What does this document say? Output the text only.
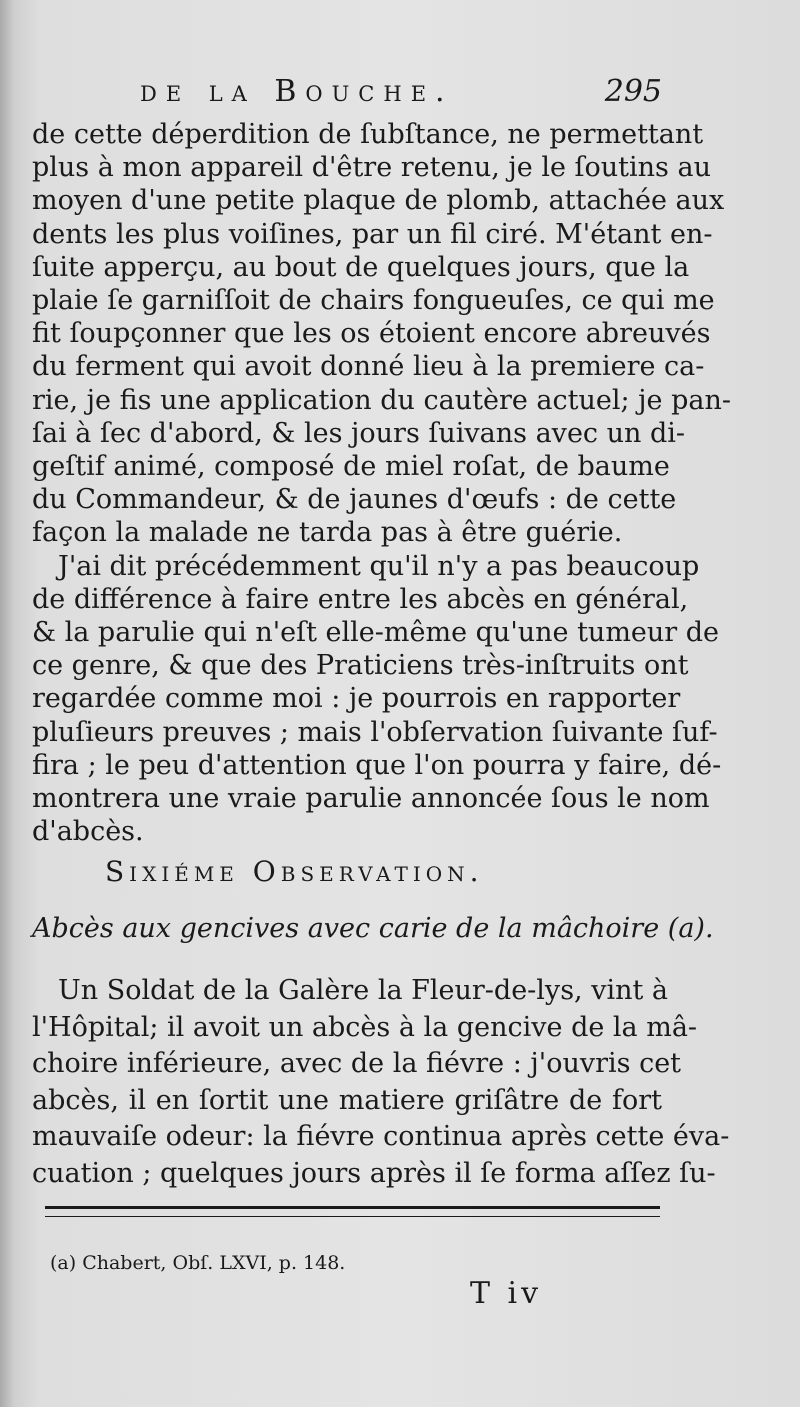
de la Bouche.	295
de cette déperdition de ſubſtance, ne permettant
plus à mon appareil d'être retenu, je le ſoutins au
moyen d'une petite plaque de plomb, attachée aux
dents les plus voiſines, par un fil ciré. M'étant en-
ſuite apperçu, au bout de quelques jours, que la
plaie ſe garniſſoit de chairs fongueuſes, ce qui me
fit ſoupçonner que les os étoient encore abreuvés
du ferment qui avoit donné lieu à la premiere ca-
rie, je fis une application du cautère actuel; je pan-
ſai à ſec d'abord, & les jours ſuivans avec un di-
geſtif animé, composé de miel roſat, de baume
du Commandeur, & de jaunes d'œufs : de cette
façon la malade ne tarda pas à être guérie.
J'ai dit précédemment qu'il n'y a pas beaucoup
de différence à faire entre les abcès en général,
& la parulie qui n'eſt elle-même qu'une tumeur de
ce genre, & que des Praticiens très-inſtruits ont
regardée comme moi : je pourrois en rapporter
pluſieurs preuves ; mais l'obſervation ſuivante ſuf-
fira ; le peu d'attention que l'on pourra y faire, dé-
montrera une vraie parulie annoncée ſous le nom
d'abcès.
Sixiéme Observation.
Abcès aux gencives avec carie de la mâchoire (a).
Un Soldat de la Galère la Fleur-de-lys, vint à
l'Hôpital; il avoit un abcès à la gencive de la mâ-
choire inférieure, avec de la fiévre : j'ouvris cet
abcès, il en ſortit une matiere griſâtre de fort
mauvaiſe odeur: la fiévre continua après cette éva-
cuation ; quelques jours après il ſe forma aſſez ſu-
(a) Chabert, Obſ. LXVI, p. 148.
T iv
